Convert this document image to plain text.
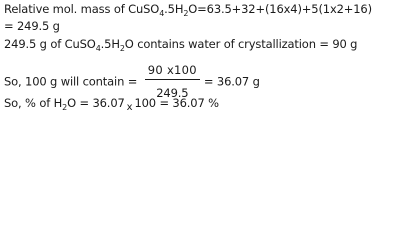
Relative mol. mass of $CuSO_4.5H_2O=63.5+32+(16x4)+5(1x2+16)$
= 249.5 g
249.5 g of $CuSO_4.5H_2O$ contains water of crystallization = 90 g
So, 100 g will contain = $\frac{90 x100}{249.5} = 36.07$ g
So, % of $H_2O = 36.07$ x 100 = 36.07 %
